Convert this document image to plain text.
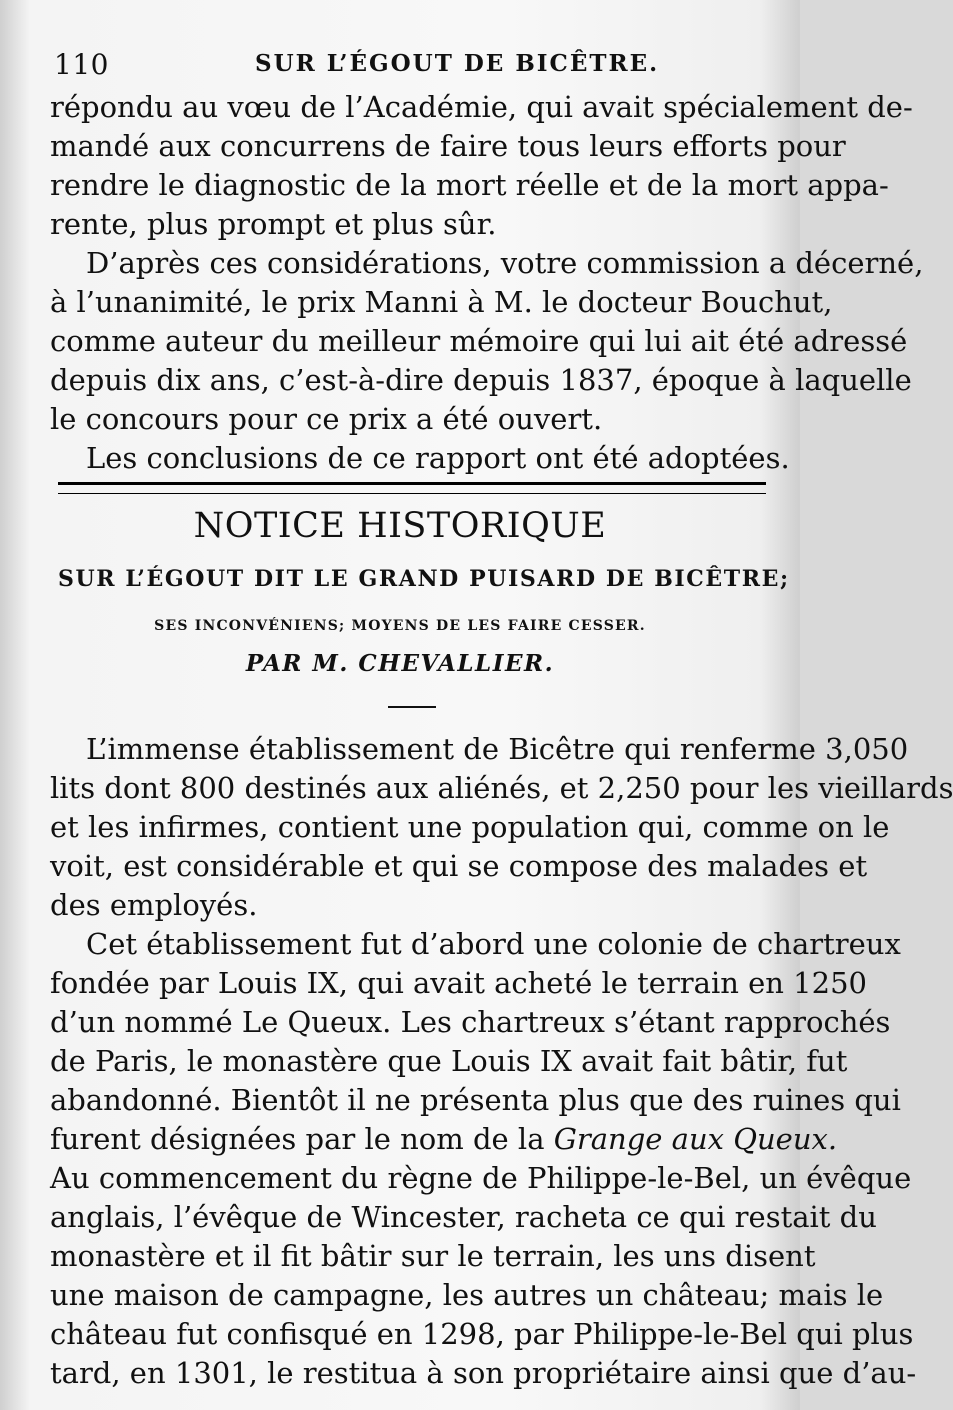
110	SUR L’ÉGOUT DE BICÊTRE.

répondu au vœu de l’Académie, qui avait spécialement de-
mandé aux concurrens de faire tous leurs efforts pour
rendre le diagnostic de la mort réelle et de la mort appa-
rente, plus prompt et plus sûr.

D’après ces considérations, votre commission a décerné,
à l’unanimité, le prix Manni à M. le docteur Bouchut,
comme auteur du meilleur mémoire qui lui ait été adressé
depuis dix ans, c’est-à-dire depuis 1837, époque à laquelle
le concours pour ce prix a été ouvert.

Les conclusions de ce rapport ont été adoptées.

NOTICE HISTORIQUE
SUR L’ÉGOUT DIT LE GRAND PUISARD DE BICÊTRE;
SES INCONVÉNIENS; MOYENS DE LES FAIRE CESSER.
PAR M. CHEVALLIER.

L’immense établissement de Bicêtre qui renferme 3,050
lits dont 800 destinés aux aliénés, et 2,250 pour les vieillards
et les infirmes, contient une population qui, comme on le
voit, est considérable et qui se compose des malades et
des employés.

Cet établissement fut d’abord une colonie de chartreux
fondée par Louis IX, qui avait acheté le terrain en 1250
d’un nommé Le Queux. Les chartreux s’étant rapprochés
de Paris, le monastère que Louis IX avait fait bâtir, fut
abandonné. Bientôt il ne présenta plus que des ruines qui
furent désignées par le nom de la Grange aux Queux.
Au commencement du règne de Philippe-le-Bel, un évêque
anglais, l’évêque de Wincester, racheta ce qui restait du
monastère et il fit bâtir sur le terrain, les uns disent
une maison de campagne, les autres un château; mais le
château fut confisqué en 1298, par Philippe-le-Bel qui plus
tard, en 1301, le restitua à son propriétaire ainsi que d’au-
